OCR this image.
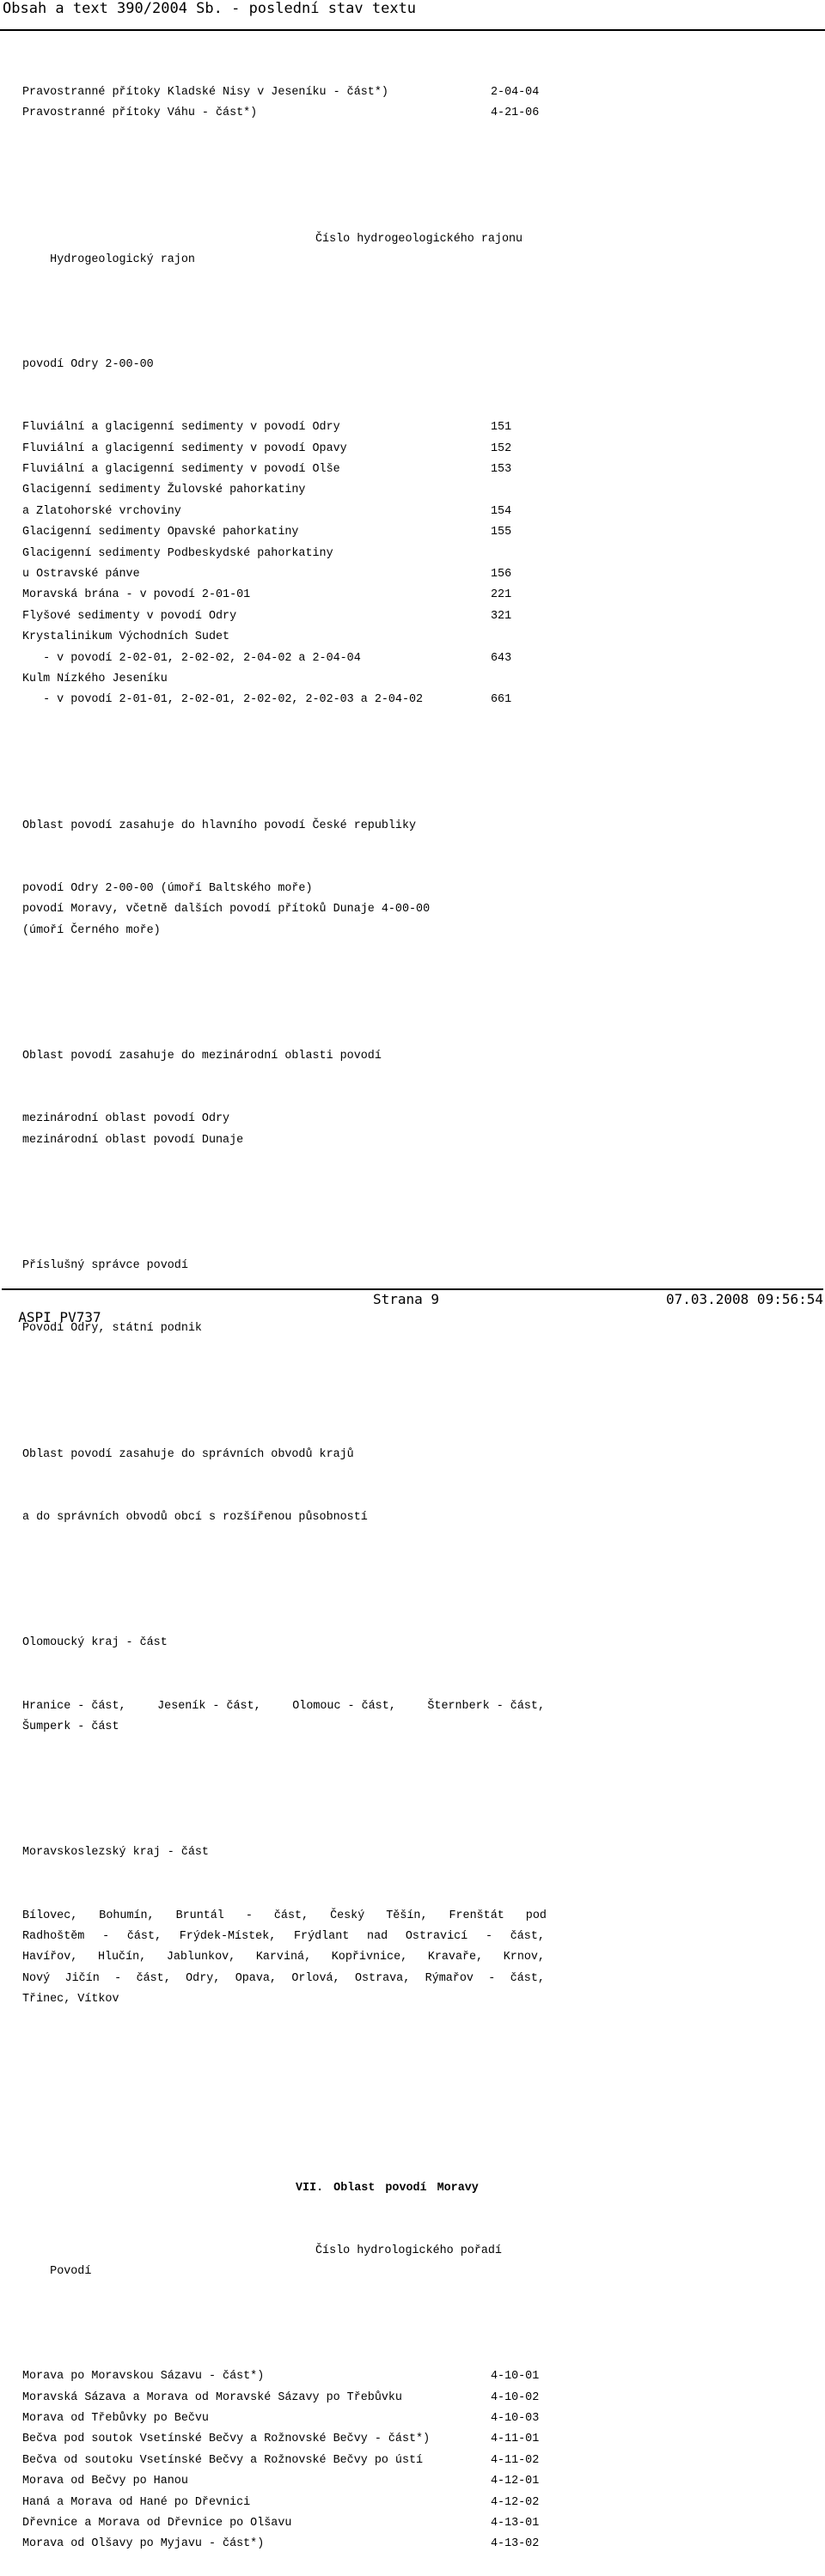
Obsah a text 390/2004 Sb. - poslední stav textu

Pravostranné přítoky Kladské Nisy v Jeseníku - část*)	2-04-04
Pravostranné přítoky Váhu - část*)	4-21-06

Hydrogeologický rajon

Číslo hydrogeologického rajonu

povodí Odry 2-00-00

Fluviální a glacigenní sedimenty v povodí Odry	151
Fluviální a glacigenní sedimenty v povodí Opavy	152
Fluviální a glacigenní sedimenty v povodí Olše	153
Glacigenní sedimenty Žulovské pahorkatiny
a Zlatohorské vrchoviny	154
Glacigenní sedimenty Opavské pahorkatiny	155
Glacigenní sedimenty Podbeskydské pahorkatiny
u Ostravské pánve	156
Moravská brána - v povodí 2-01-01	221
Flyšové sedimenty v povodí Odry	321
Krystalinikum Východních Sudet
- v povodí 2-02-01, 2-02-02, 2-04-02 a 2-04-04	643
Kulm Nízkého Jeseníku
- v povodí 2-01-01, 2-02-01, 2-02-02, 2-02-03 a 2-04-02	661

Oblast povodí zasahuje do hlavního povodí České republiky

povodí Odry 2-00-00 (úmoří Baltského moře)
povodí Moravy, včetně dalších povodí přítoků Dunaje 4-00-00
(úmoří Černého moře)

Oblast povodí zasahuje do mezinárodní oblasti povodí

mezinárodní oblast povodí Odry
mezinárodní oblast povodí Dunaje

Příslušný správce povodí

Povodí Odry, státní podnik

Oblast povodí zasahuje do správních obvodů krajů

a do správních obvodů obcí s rozšířenou působností

Olomoucký kraj - část

Hranice - část,	Jeseník - část,	Olomouc - část,	Šternberk - část,
Šumperk - část

Moravskoslezský kraj - část

Bílovec, Bohumín, Bruntál - část, Český Těšín, Frenštát pod
Radhoštěm - část, Frýdek-Místek, Frýdlant nad Ostravicí - část,
Havířov, Hlučín, Jablunkov, Karviná, Kopřivnice, Kravaře, Krnov,
Nový Jičín - část, Odry, Opava, Orlová, Ostrava, Rýmařov - část,
Třinec, Vítkov

VII. Oblast povodí Moravy

Povodí

Číslo hydrologického pořadí

Morava po Moravskou Sázavu - část*)	4-10-01
Moravská Sázava a Morava od Moravské Sázavy po Třebůvku	4-10-02
Morava od Třebůvky po Bečvu	4-10-03
Bečva pod soutok Vsetínské Bečvy a Rožnovské Bečvy - část*)	4-11-01
Bečva od soutoku Vsetínské Bečvy a Rožnovské Bečvy po ústí	4-11-02
Morava od Bečvy po Hanou	4-12-01
Haná a Morava od Hané po Dřevnici	4-12-02
Dřevnice a Morava od Dřevnice po Olšavu	4-13-01
Morava od Olšavy po Myjavu - část*)	4-13-02

ASPI PV737

Strana 9

	07.03.2008 09:56:54
